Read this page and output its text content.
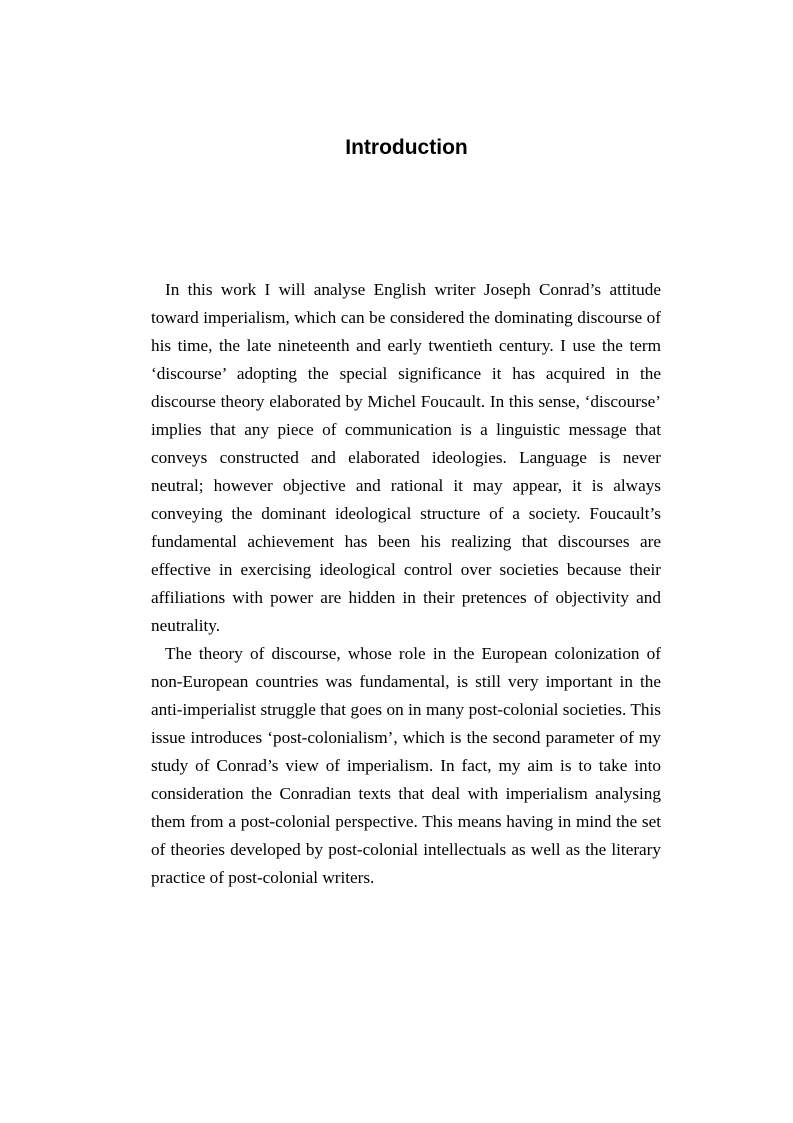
Introduction

In this work I will analyse English writer Joseph Conrad’s attitude toward imperialism, which can be considered the dominating discourse of his time, the late nineteenth and early twentieth century. I use the term ‘discourse’ adopting the special significance it has acquired in the discourse theory elaborated by Michel Foucault. In this sense, ‘discourse’ implies that any piece of communication is a linguistic message that conveys constructed and elaborated ideologies. Language is never neutral; however objective and rational it may appear, it is always conveying the dominant ideological structure of a society. Foucault’s fundamental achievement has been his realizing that discourses are effective in exercising ideological control over societies because their affiliations with power are hidden in their pretences of objectivity and neutrality.

The theory of discourse, whose role in the European colonization of non-European countries was fundamental, is still very important in the anti-imperialist struggle that goes on in many post-colonial societies. This issue introduces ‘post-colonialism’, which is the second parameter of my study of Conrad’s view of imperialism. In fact, my aim is to take into consideration the Conradian texts that deal with imperialism analysing them from a post-colonial perspective. This means having in mind the set of theories developed by post-colonial intellectuals as well as the literary practice of post-colonial writers.
